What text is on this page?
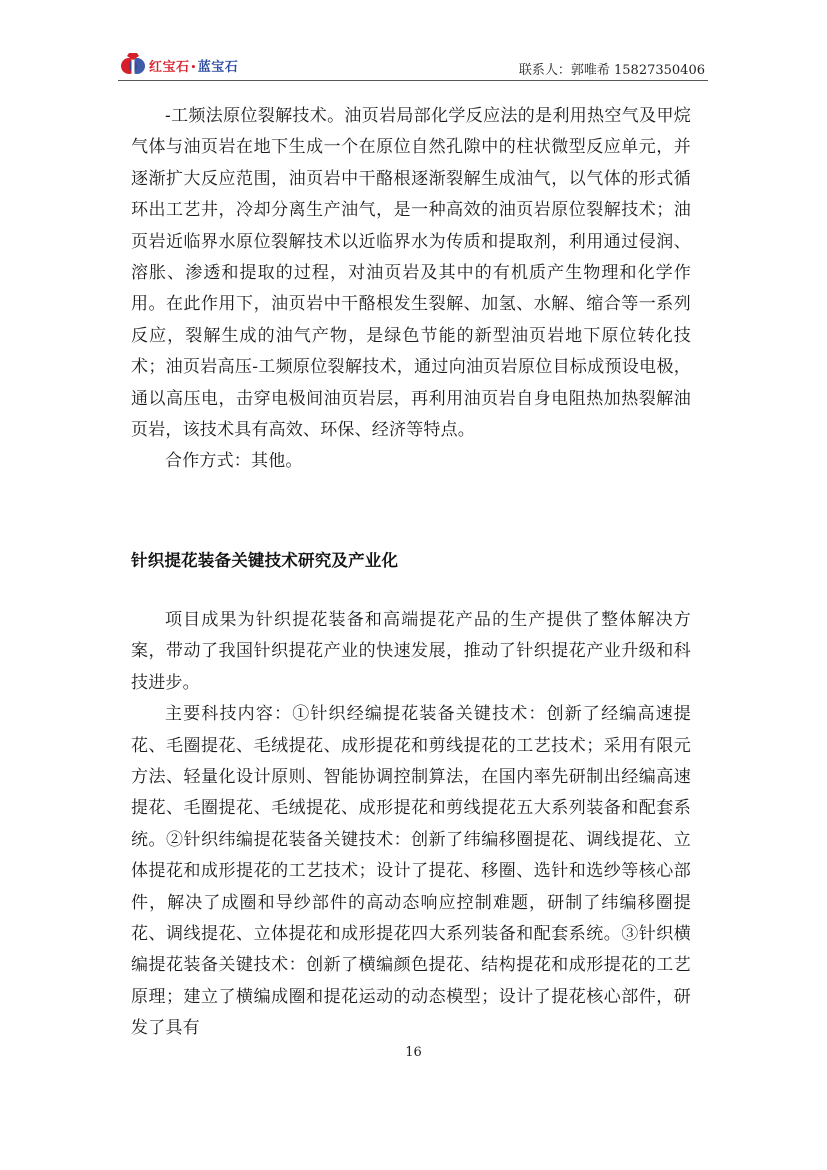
红宝石•蓝宝石	联系人：郭唯希 15827350406

-工频法原位裂解技术。油页岩局部化学反应法的是利用热空气及甲烷气体与油页岩在地下生成一个在原位自然孔隙中的柱状微型反应单元，并逐渐扩大反应范围，油页岩中干酪根逐渐裂解生成油气，以气体的形式循环出工艺井，冷却分离生产油气，是一种高效的油页岩原位裂解技术；油页岩近临界水原位裂解技术以近临界水为传质和提取剂，利用通过侵润、溶胀、渗透和提取的过程，对油页岩及其中的有机质产生物理和化学作用。在此作用下，油页岩中干酪根发生裂解、加氢、水解、缩合等一系列反应，裂解生成的油气产物，是绿色节能的新型油页岩地下原位转化技术；油页岩高压-工频原位裂解技术，通过向油页岩原位目标成预设电极，通以高压电，击穿电极间油页岩层，再利用油页岩自身电阻热加热裂解油页岩，该技术具有高效、环保、经济等特点。

合作方式：其他。

针织提花装备关键技术研究及产业化

项目成果为针织提花装备和高端提花产品的生产提供了整体解决方案，带动了我国针织提花产业的快速发展，推动了针织提花产业升级和科技进步。

主要科技内容：①针织经编提花装备关键技术：创新了经编高速提花、毛圈提花、毛绒提花、成形提花和剪线提花的工艺技术；采用有限元方法、轻量化设计原则、智能协调控制算法，在国内率先研制出经编高速提花、毛圈提花、毛绒提花、成形提花和剪线提花五大系列装备和配套系统。②针织纬编提花装备关键技术：创新了纬编移圈提花、调线提花、立体提花和成形提花的工艺技术；设计了提花、移圈、选针和选纱等核心部件，解决了成圈和导纱部件的高动态响应控制难题，研制了纬编移圈提花、调线提花、立体提花和成形提花四大系列装备和配套系统。③针织横编提花装备关键技术：创新了横编颜色提花、结构提花和成形提花的工艺原理；建立了横编成圈和提花运动的动态模型；设计了提花核心部件，研发了具有

16
